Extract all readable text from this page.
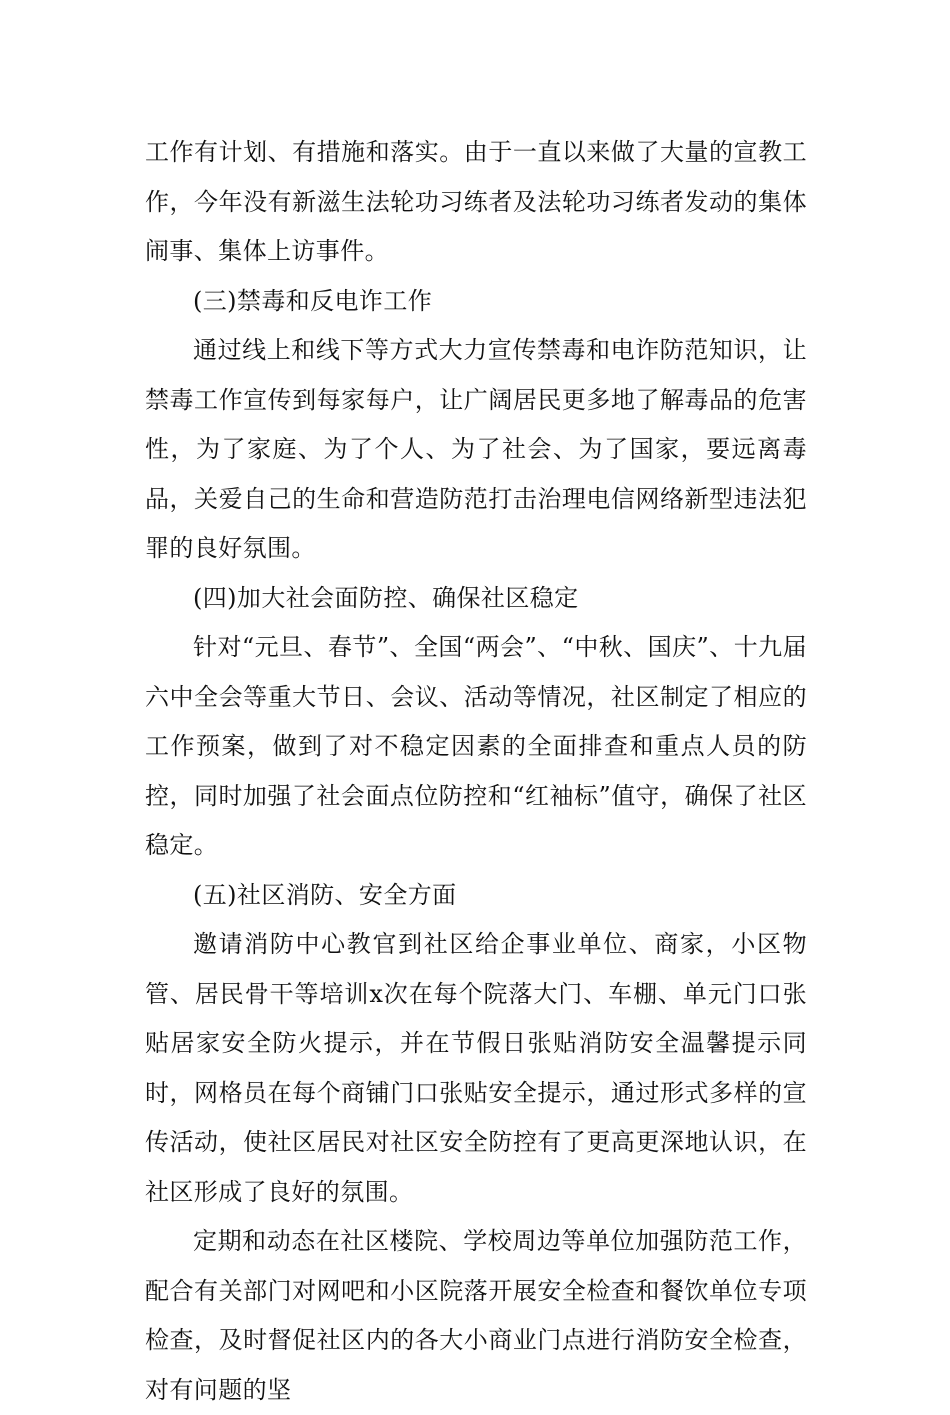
工作有计划、有措施和落实。由于一直以来做了大量的宣教工作，今年没有新滋生法轮功习练者及法轮功习练者发动的集体闹事、集体上访事件。

(三)禁毒和反电诈工作

通过线上和线下等方式大力宣传禁毒和电诈防范知识，让禁毒工作宣传到每家每户，让广阔居民更多地了解毒品的危害性，为了家庭、为了个人、为了社会、为了国家，要远离毒品，关爱自己的生命和营造防范打击治理电信网络新型违法犯罪的良好氛围。

(四)加大社会面防控、确保社区稳定

针对“元旦、春节”、全国“两会”、“中秋、国庆”、十九届六中全会等重大节日、会议、活动等情况，社区制定了相应的工作预案，做到了对不稳定因素的全面排查和重点人员的防控，同时加强了社会面点位防控和“红袖标”值守，确保了社区稳定。

(五)社区消防、安全方面

邀请消防中心教官到社区给企事业单位、商家，小区物管、居民骨干等培训x次在每个院落大门、车棚、单元门口张贴居家安全防火提示，并在节假日张贴消防安全温馨提示同时，网格员在每个商铺门口张贴安全提示，通过形式多样的宣传活动，使社区居民对社区安全防控有了更高更深地认识，在社区形成了良好的氛围。

定期和动态在社区楼院、学校周边等单位加强防范工作，配合有关部门对网吧和小区院落开展安全检查和餐饮单位专项检查，及时督促社区内的各大小商业门点进行消防安全检查，对有问题的坚
